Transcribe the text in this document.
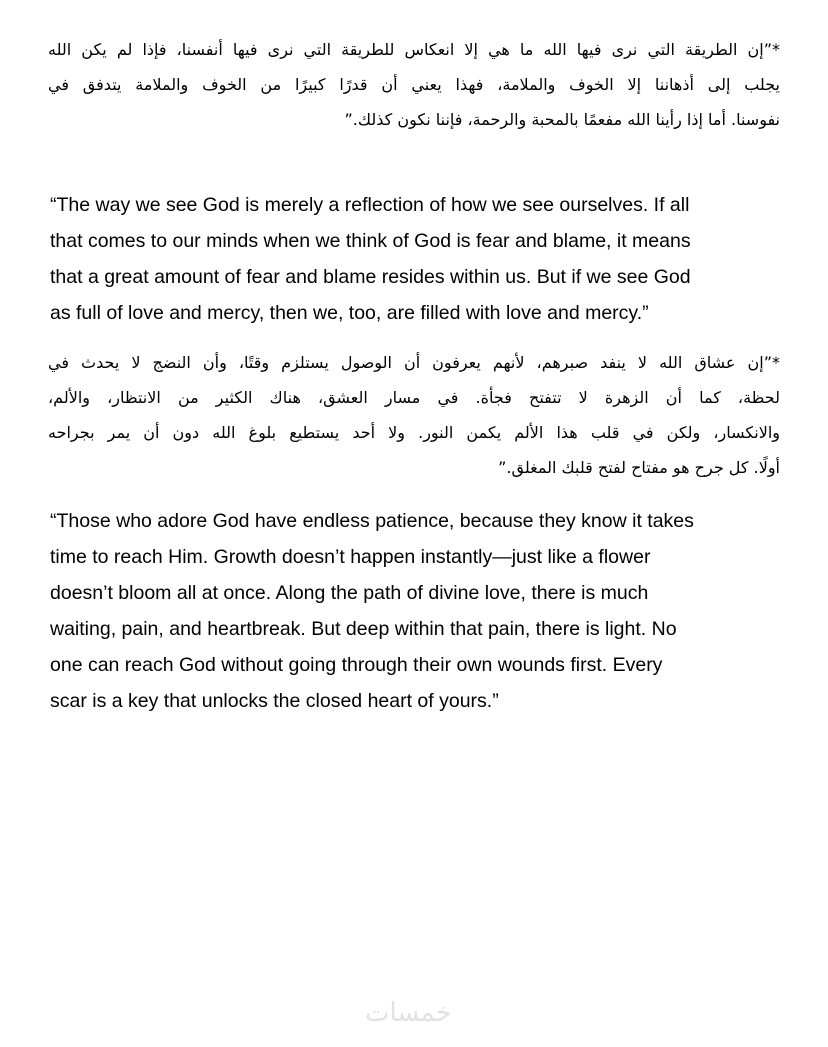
*”إن الطريقة التي نرى فيها الله ما هي إلا انعكاس للطريقة التي نرى فيها أنفسنا، فإذا لم يكن الله
يجلب إلى أذهاننا إلا الخوف والملامة، فهذا يعني أن قدرًا كبيرًا من الخوف والملامة يتدفق في
نفوسنا. أما إذا رأينا الله مفعمًا بالمحبة والرحمة، فإننا نكون كذلك.”
“The way we see God is merely a reflection of how we see ourselves. If all
that comes to our minds when we think of God is fear and blame, it means
that a great amount of fear and blame resides within us. But if we see God
as full of love and mercy, then we, too, are filled with love and mercy.”
*”إن عشاق الله لا ينفد صبرهم، لأنهم يعرفون أن الوصول يستلزم وقتًا، وأن النضج لا يحدث في
لحظة، كما أن الزهرة لا تتفتح فجأة. في مسار العشق، هناك الكثير من الانتظار، والألم،
والانكسار، ولكن في قلب هذا الألم يكمن النور. ولا أحد يستطيع بلوغ الله دون أن يمر بجراحه
أولًا. كل جرح هو مفتاح لفتح قلبك المغلق.”
“Those who adore God have endless patience, because they know it takes
time to reach Him. Growth doesn’t happen instantly—just like a flower
doesn’t bloom all at once. Along the path of divine love, there is much
waiting, pain, and heartbreak. But deep within that pain, there is light. No
one can reach God without going through their own wounds first. Every
scar is a key that unlocks the closed heart of yours.”
خمسات
